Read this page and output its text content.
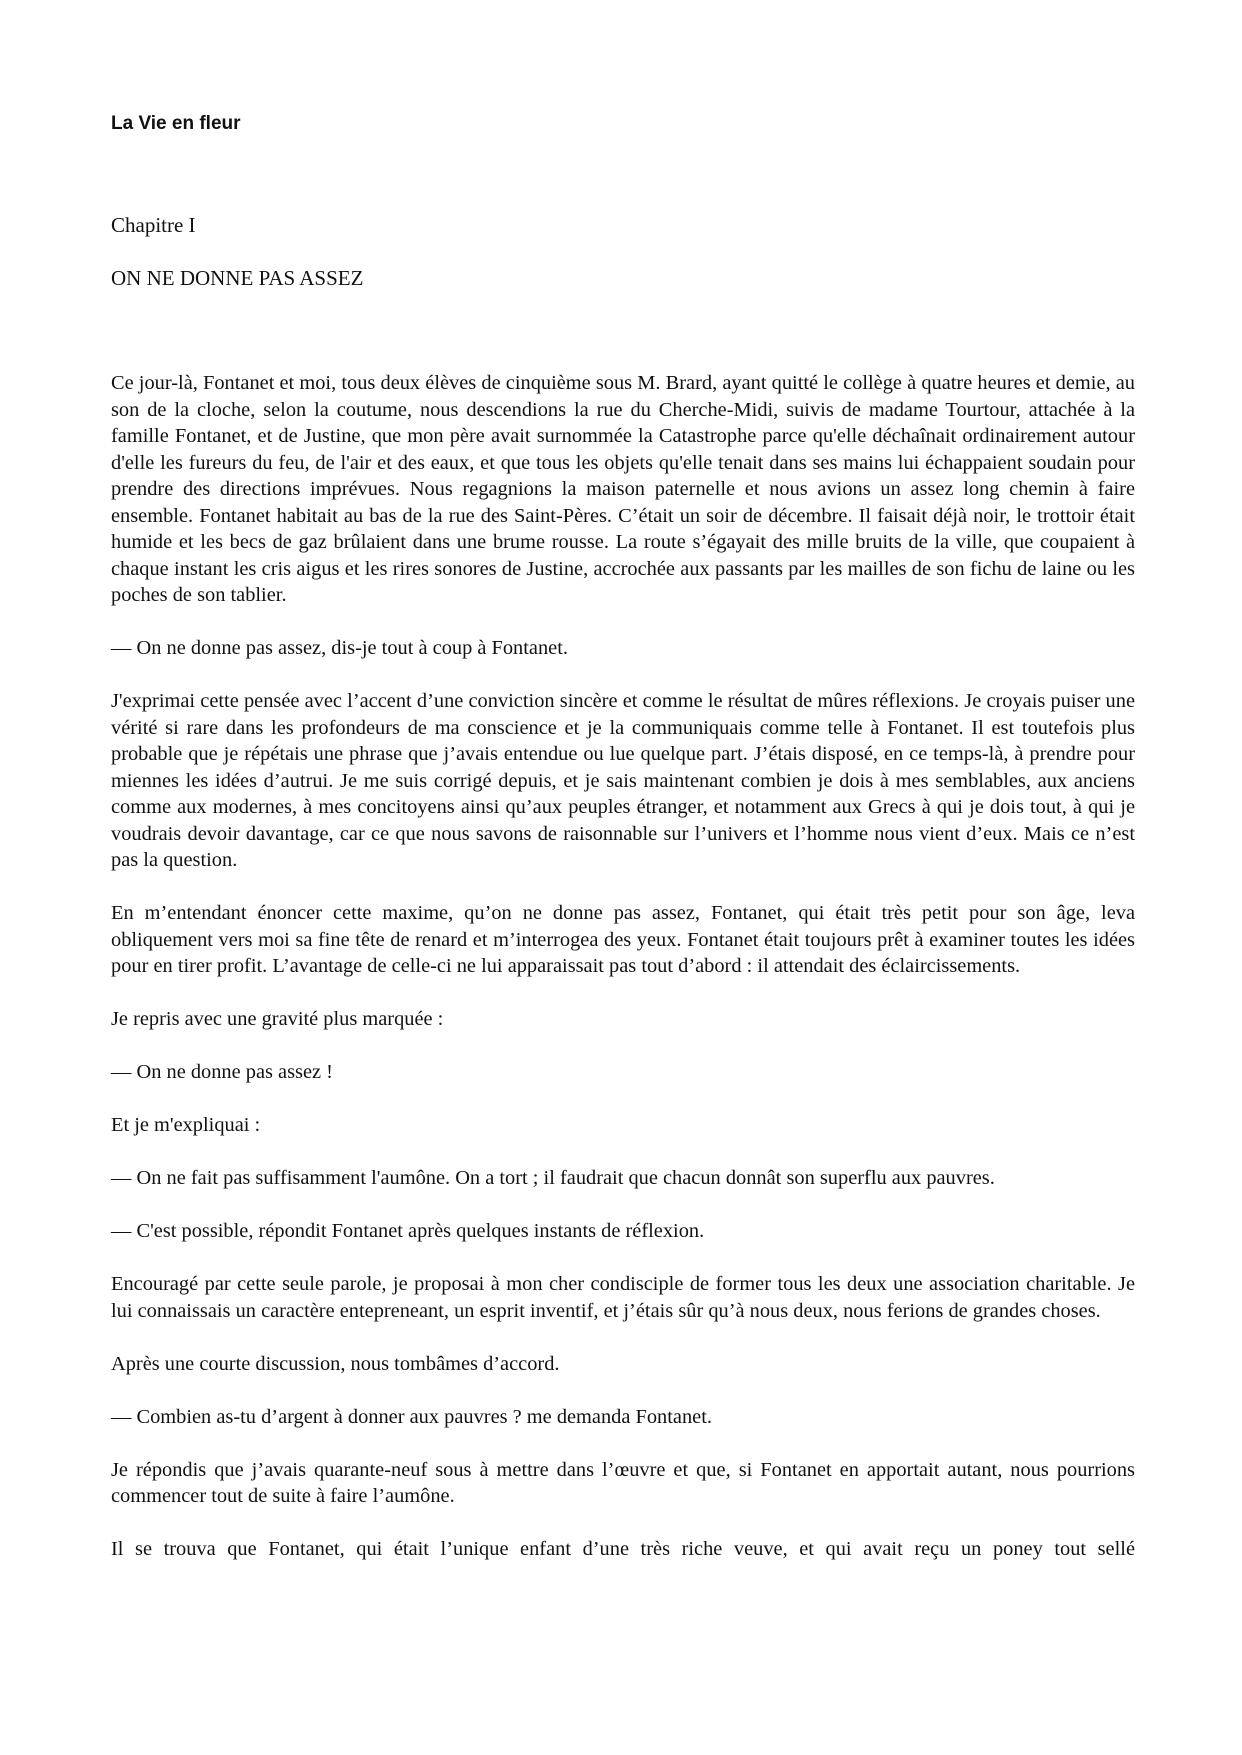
La Vie en fleur
Chapitre I
ON NE DONNE PAS ASSEZ

Ce jour-là, Fontanet et moi, tous deux élèves de cinquième sous M. Brard, ayant quitté le collège à quatre heures et demie, au son de la cloche, selon la coutume, nous descendions la rue du Cherche-Midi, suivis de madame Tourtour, attachée à la famille Fontanet, et de Justine, que mon père avait surnommée la Catastrophe parce qu'elle déchaînait ordinairement autour d'elle les fureurs du feu, de l'air et des eaux, et que tous les objets qu'elle tenait dans ses mains lui échappaient soudain pour prendre des directions imprévues. Nous regagnions la maison paternelle et nous avions un assez long chemin à faire ensemble. Fontanet habitait au bas de la rue des Saint-Pères. C’était un soir de décembre. Il faisait déjà noir, le trottoir était humide et les becs de gaz brûlaient dans une brume rousse. La route s’égayait des mille bruits de la ville, que coupaient à chaque instant les cris aigus et les rires sonores de Justine, accrochée aux passants par les mailles de son fichu de laine ou les poches de son tablier.

— On ne donne pas assez, dis-je tout à coup à Fontanet.

J'exprimai cette pensée avec l’accent d’une conviction sincère et comme le résultat de mûres réflexions. Je croyais puiser une vérité si rare dans les profondeurs de ma conscience et je la communiquais comme telle à Fontanet. Il est toutefois plus probable que je répétais une phrase que j’avais entendue ou lue quelque part. J’étais disposé, en ce temps-là, à prendre pour miennes les idées d’autrui. Je me suis corrigé depuis, et je sais maintenant combien je dois à mes semblables, aux anciens comme aux modernes, à mes concitoyens ainsi qu’aux peuples étranger, et notamment aux Grecs à qui je dois tout, à qui je voudrais devoir davantage, car ce que nous savons de raisonnable sur l’univers et l’homme nous vient d’eux. Mais ce n’est pas la question.

En m’entendant énoncer cette maxime, qu’on ne donne pas assez, Fontanet, qui était très petit pour son âge, leva obliquement vers moi sa fine tête de renard et m’interrogea des yeux. Fontanet était toujours prêt à examiner toutes les idées pour en tirer profit. L’avantage de celle-ci ne lui apparaissait pas tout d’abord : il attendait des éclaircissements.

Je repris avec une gravité plus marquée :

— On ne donne pas assez !

Et je m'expliquai :

— On ne fait pas suffisamment l'aumône. On a tort ; il faudrait que chacun donnât son superflu aux pauvres.

— C'est possible, répondit Fontanet après quelques instants de réflexion.

Encouragé par cette seule parole, je proposai à mon cher condisciple de former tous les deux une association charitable. Je lui connaissais un caractère entepreneant, un esprit inventif, et j’étais sûr qu’à nous deux, nous ferions de grandes choses.

Après une courte discussion, nous tombâmes d’accord.

— Combien as-tu d’argent à donner aux pauvres ? me demanda Fontanet.

Je répondis que j’avais quarante-neuf sous à mettre dans l’œuvre et que, si Fontanet en apportait autant, nous pourrions commencer tout de suite à faire l’aumône.

Il se trouva que Fontanet, qui était l’unique enfant d’une très riche veuve, et qui avait reçu un poney tout sellé
